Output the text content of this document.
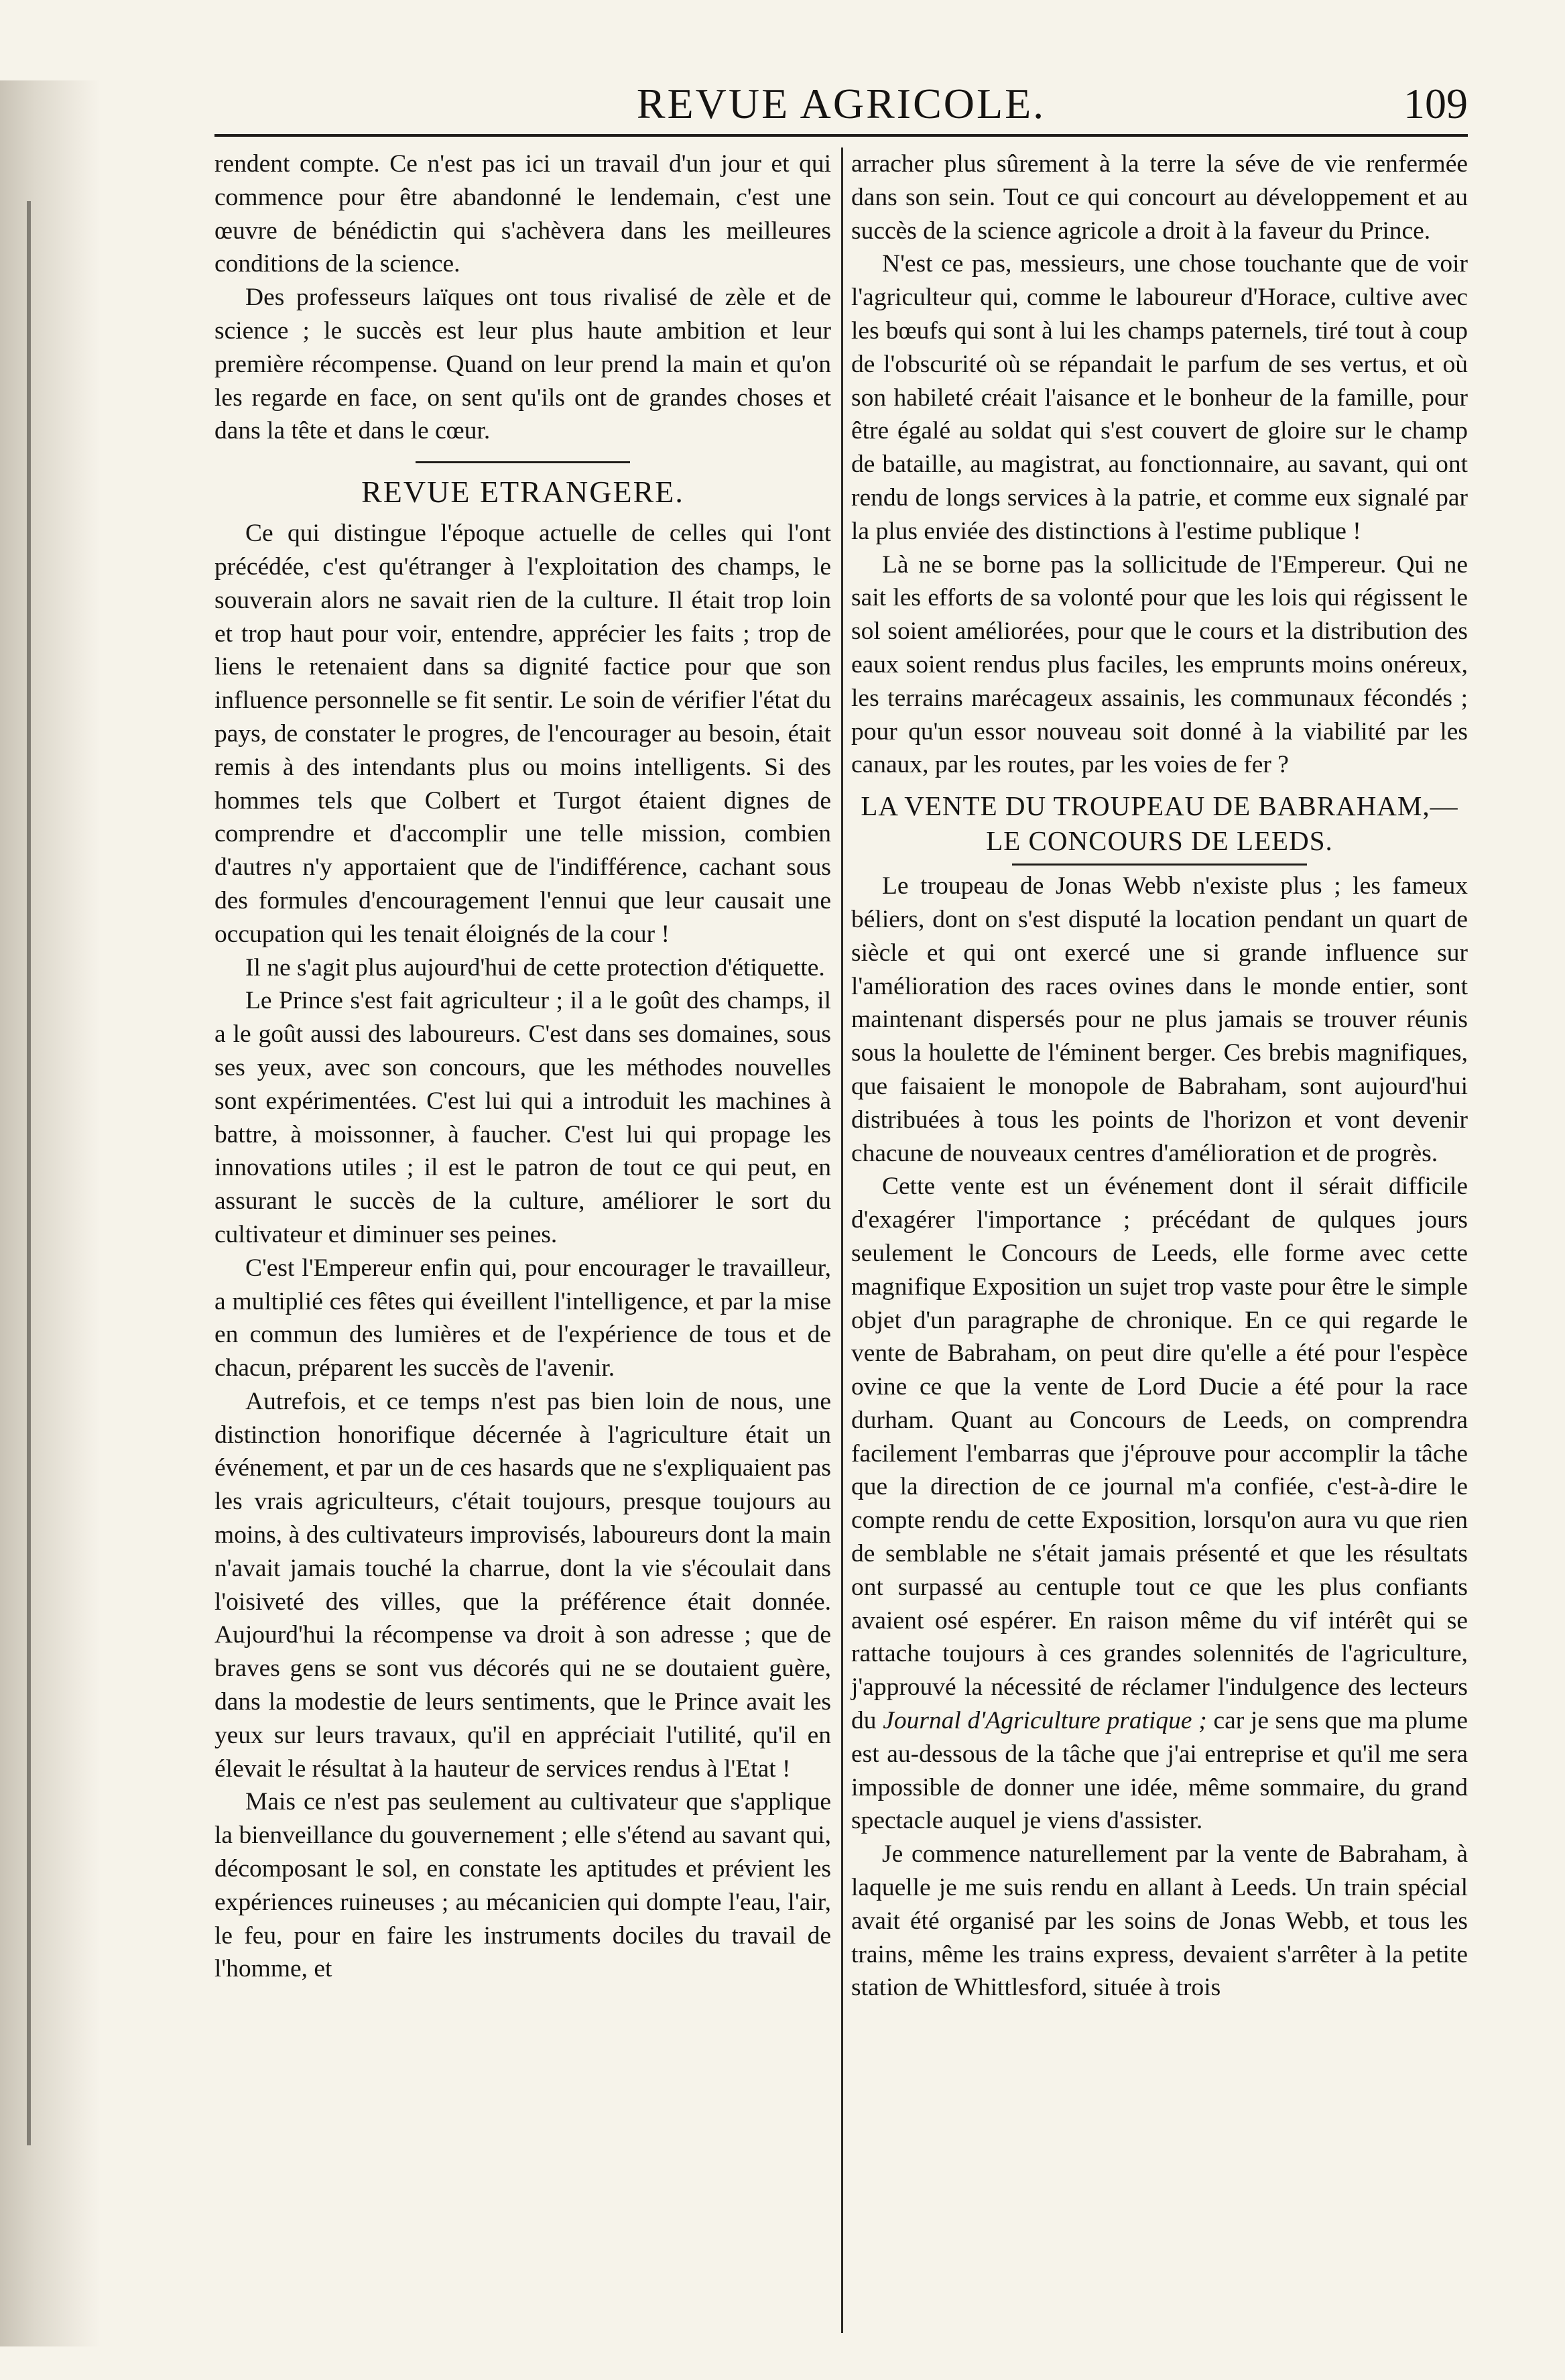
REVUE AGRICOLE.	109

rendent compte. Ce n'est pas ici un travail d'un jour et qui commence pour être abandonné le lendemain, c'est une œuvre de bénédictin qui s'achèvera dans les meilleures conditions de la science.

Des professeurs laïques ont tous rivalisé de zèle et de science ; le succès est leur plus haute ambition et leur première récompense. Quand on leur prend la main et qu'on les regarde en face, on sent qu'ils ont de grandes choses et dans la tête et dans le cœur.

REVUE ETRANGERE.

Ce qui distingue l'époque actuelle de celles qui l'ont précédée, c'est qu'étranger à l'exploitation des champs, le souverain alors ne savait rien de la culture. Il était trop loin et trop haut pour voir, entendre, apprécier les faits ; trop de liens le retenaient dans sa dignité factice pour que son influence personnelle se fit sentir. Le soin de vérifier l'état du pays, de constater le progres, de l'encourager au besoin, était remis à des intendants plus ou moins intelligents. Si des hommes tels que Colbert et Turgot étaient dignes de comprendre et d'accomplir une telle mission, combien d'autres n'y apportaient que de l'indifférence, cachant sous des formules d'encouragement l'ennui que leur causait une occupation qui les tenait éloignés de la cour !

Il ne s'agit plus aujourd'hui de cette protection d'étiquette.

Le Prince s'est fait agriculteur ; il a le goût des champs, il a le goût aussi des laboureurs. C'est dans ses domaines, sous ses yeux, avec son concours, que les méthodes nouvelles sont expérimentées. C'est lui qui a introduit les machines à battre, à moissonner, à faucher. C'est lui qui propage les innovations utiles ; il est le patron de tout ce qui peut, en assurant le succès de la culture, améliorer le sort du cultivateur et diminuer ses peines.

C'est l'Empereur enfin qui, pour encourager le travailleur, a multiplié ces fêtes qui éveillent l'intelligence, et par la mise en commun des lumières et de l'expérience de tous et de chacun, préparent les succès de l'avenir.

Autrefois, et ce temps n'est pas bien loin de nous, une distinction honorifique décernée à l'agriculture était un événement, et par un de ces hasards que ne s'expliquaient pas les vrais agriculteurs, c'était toujours, presque toujours au moins, à des cultivateurs improvisés, laboureurs dont la main n'avait jamais touché la charrue, dont la vie s'écoulait dans l'oisiveté des villes, que la préférence était donnée. Aujourd'hui la récompense va droit à son adresse ; que de braves gens se sont vus décorés qui ne se doutaient guère, dans la modestie de leurs sentiments, que le Prince avait les yeux sur leurs travaux, qu'il en appréciait l'utilité, qu'il en élevait le résultat à la hauteur de services rendus à l'Etat !

Mais ce n'est pas seulement au cultivateur que s'applique la bienveillance du gouvernement ; elle s'étend au savant qui, décomposant le sol, en constate les aptitudes et prévient les expériences ruineuses ; au mécanicien qui dompte l'eau, l'air, le feu, pour en faire les instruments dociles du travail de l'homme, et

arracher plus sûrement à la terre la séve de vie renfermée dans son sein. Tout ce qui concourt au développement et au succès de la science agricole a droit à la faveur du Prince.

N'est ce pas, messieurs, une chose touchante que de voir l'agriculteur qui, comme le laboureur d'Horace, cultive avec les bœufs qui sont à lui les champs paternels, tiré tout à coup de l'obscurité où se répandait le parfum de ses vertus, et où son habileté créait l'aisance et le bonheur de la famille, pour être égalé au soldat qui s'est couvert de gloire sur le champ de bataille, au magistrat, au fonctionnaire, au savant, qui ont rendu de longs services à la patrie, et comme eux signalé par la plus enviée des distinctions à l'estime publique !

Là ne se borne pas la sollicitude de l'Empereur. Qui ne sait les efforts de sa volonté pour que les lois qui régissent le sol soient améliorées, pour que le cours et la distribution des eaux soient rendus plus faciles, les emprunts moins onéreux, les terrains marécageux assainis, les communaux fécondés ; pour qu'un essor nouveau soit donné à la viabilité par les canaux, par les routes, par les voies de fer ?

LA VENTE DU TROUPEAU DE BABRAHAM,—LE CONCOURS DE LEEDS.

Le troupeau de Jonas Webb n'existe plus ; les fameux béliers, dont on s'est disputé la location pendant un quart de siècle et qui ont exercé une si grande influence sur l'amélioration des races ovines dans le monde entier, sont maintenant dispersés pour ne plus jamais se trouver réunis sous la houlette de l'éminent berger. Ces brebis magnifiques, que faisaient le monopole de Babraham, sont aujourd'hui distribuées à tous les points de l'horizon et vont devenir chacune de nouveaux centres d'amélioration et de progrès.

Cette vente est un événement dont il sérait difficile d'exagérer l'importance ; précédant de qulques jours seulement le Concours de Leeds, elle forme avec cette magnifique Exposition un sujet trop vaste pour être le simple objet d'un paragraphe de chronique. En ce qui regarde le vente de Babraham, on peut dire qu'elle a été pour l'espèce ovine ce que la vente de Lord Ducie a été pour la race durham. Quant au Concours de Leeds, on comprendra facilement l'embarras que j'éprouve pour accomplir la tâche que la direction de ce journal m'a confiée, c'est-à-dire le compte rendu de cette Exposition, lorsqu'on aura vu que rien de semblable ne s'était jamais présenté et que les résultats ont surpassé au centuple tout ce que les plus confiants avaient osé espérer. En raison même du vif intérêt qui se rattache toujours à ces grandes solennités de l'agriculture, j'approuvé la nécessité de réclamer l'indulgence des lecteurs du Journal d'Agriculture pratique ; car je sens que ma plume est au-dessous de la tâche que j'ai entreprise et qu'il me sera impossible de donner une idée, même sommaire, du grand spectacle auquel je viens d'assister.

Je commence naturellement par la vente de Babraham, à laquelle je me suis rendu en allant à Leeds. Un train spécial avait été organisé par les soins de Jonas Webb, et tous les trains, même les trains express, devaient s'arrêter à la petite station de Whittlesford, située à trois
